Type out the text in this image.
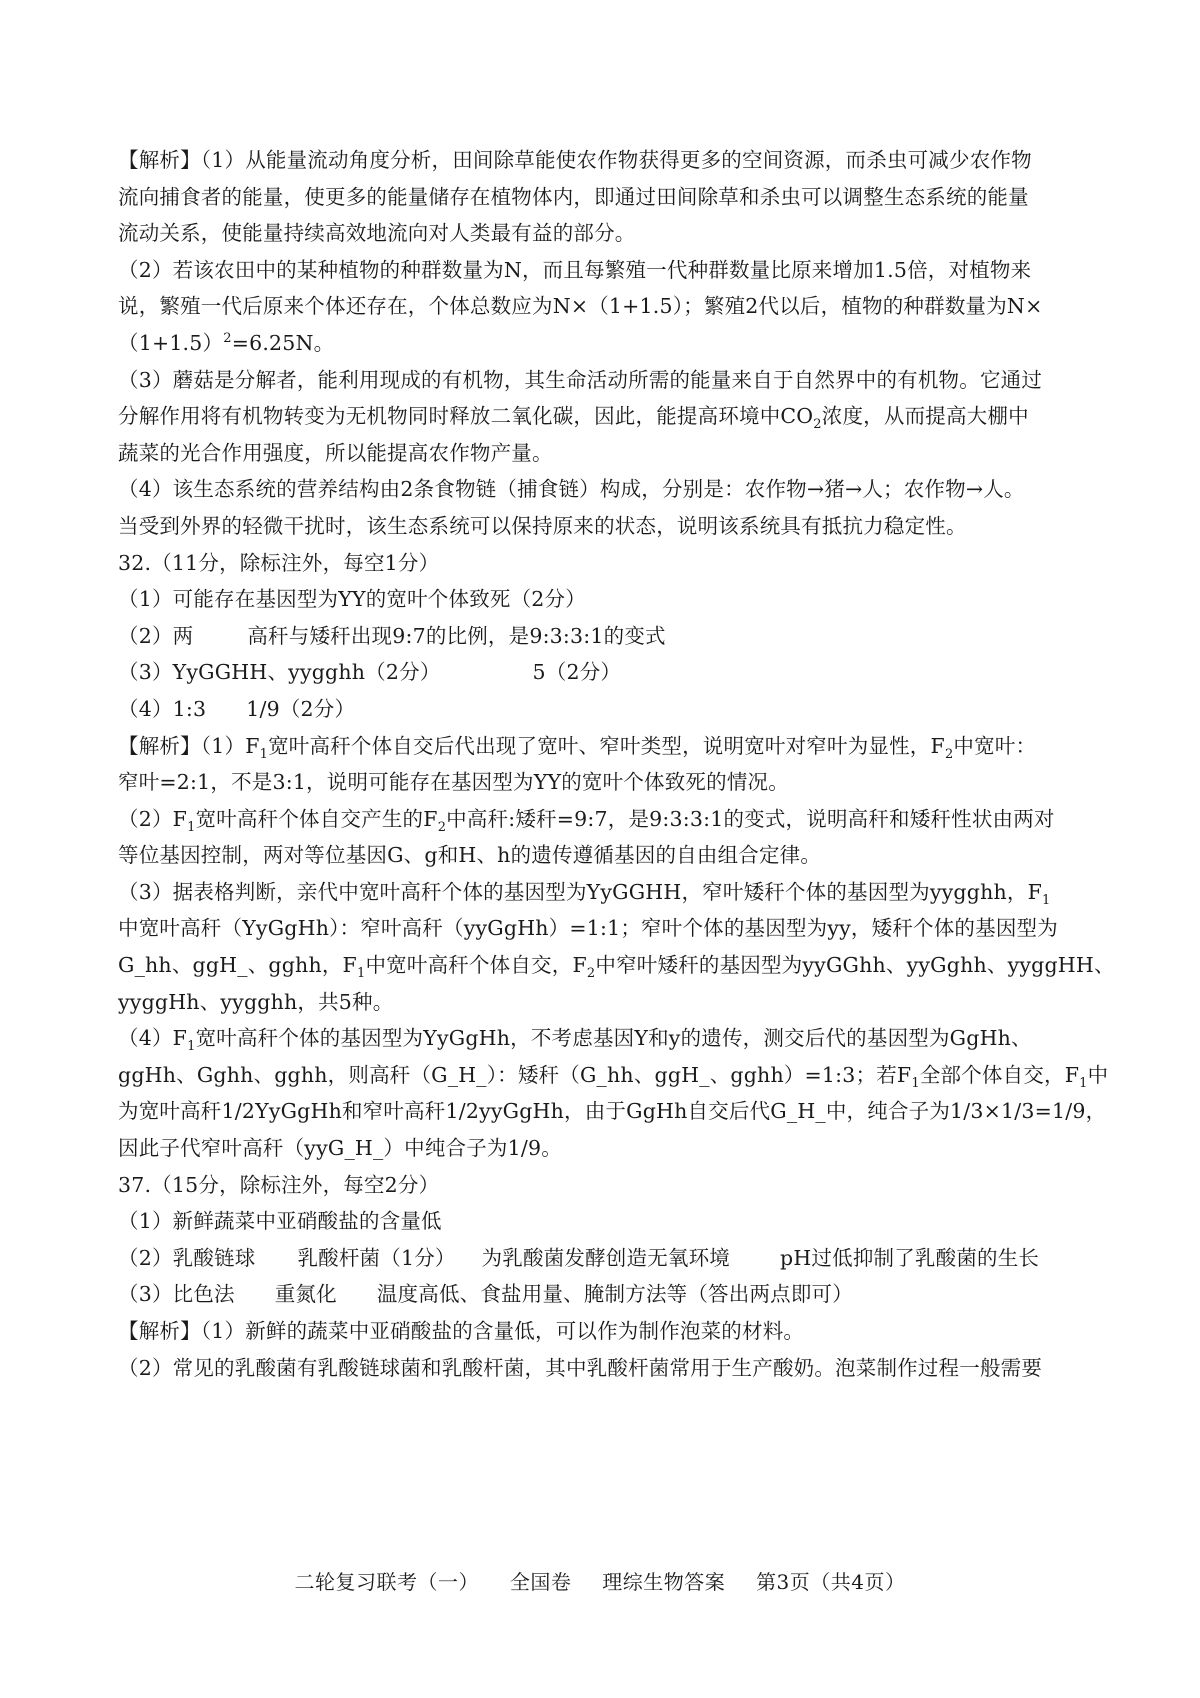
【解析】（1）从能量流动角度分析，田间除草能使农作物获得更多的空间资源，而杀虫可减少农作物
流向捕食者的能量，使更多的能量储存在植物体内，即通过田间除草和杀虫可以调整生态系统的能量
流动关系，使能量持续高效地流向对人类最有益的部分。
（2）若该农田中的某种植物的种群数量为N，而且每繁殖一代种群数量比原来增加1.5倍，对植物来
说，繁殖一代后原来个体还存在，个体总数应为N×（1+1.5）；繁殖2代以后，植物的种群数量为N×
$(1+1.5)^2=6.25N$。
（3）蘑菇是分解者，能利用现成的有机物，其生命活动所需的能量来自于自然界中的有机物。它通过
分解作用将有机物转变为无机物同时释放二氧化碳，因此，能提高环境中$CO_2$浓度，从而提高大棚中
蔬菜的光合作用强度，所以能提高农作物产量。
（4）该生态系统的营养结构由2条食物链（捕食链）构成，分别是：农作物→猪→人；农作物→人。
当受到外界的轻微干扰时，该生态系统可以保持原来的状态，说明该系统具有抵抗力稳定性。
32.（11分，除标注外，每空1分）
（1）可能存在基因型为YY的宽叶个体致死（2分）
（2）两	高秆与矮秆出现9:7的比例，是9:3:3:1的变式
（3）YyGGHH、yygghh（2分）	5（2分）
（4）1:3 1/9（2分）
【解析】$(1)F_1$宽叶高秆个体自交后代出现了宽叶、窄叶类型，说明宽叶对窄叶为显性，$F_2$中宽叶：
窄叶=2:1，不是3:1，说明可能存在基因型为YY的宽叶个体致死的情况。
$(2)F_1$宽叶高秆个体自交产生的$F_2$中高秆:矮秆=9:7，是9:3:3:1的变式，说明高秆和矮秆性状由两对
等位基因控制，两对等位基因G、g和H、h的遗传遵循基因的自由组合定律。
（3）据表格判断，亲代中宽叶高秆个体的基因型为YyGGHH，窄叶矮秆个体的基因型为yygghh，$F_1$
中宽叶高秆（YyGgHh）：窄叶高秆（yyGgHh）=1:1；窄叶个体的基因型为yy，矮秆个体的基因型为
G_hh、ggH_、gghh，$F_1$中宽叶高秆个体自交，$F_2$中窄叶矮秆的基因型为yyGGhh、yyGghh、yyggHH、
yyggHh、yygghh，共5种。
$(4)F_1$宽叶高秆个体的基因型为YyGgHh，不考虑基因Y和y的遗传，测交后代的基因型为GgHh、
ggHh、Gghh、gghh，则高秆（G_H_）：矮秆（G_hh、ggH_、gghh）=1:3；若$F_1$全部个体自交，$F_1$中
为宽叶高秆1/2YyGgHh和窄叶高秆1/2yyGgHh，由于GgHh自交后代G_H_中，纯合子为1/3×1/3=1/9，
因此子代窄叶高秆（yyG_H_）中纯合子为1/9。
37.（15分，除标注外，每空2分）
（1）新鲜蔬菜中亚硝酸盐的含量低
（2）乳酸链球 乳酸杆菌（1分） 为乳酸菌发酵创造无氧环境 pH过低抑制了乳酸菌的生长
（3）比色法 重氮化 温度高低、食盐用量、腌制方法等（答出两点即可）
【解析】（1）新鲜的蔬菜中亚硝酸盐的含量低，可以作为制作泡菜的材料。
（2）常见的乳酸菌有乳酸链球菌和乳酸杆菌，其中乳酸杆菌常用于生产酸奶。泡菜制作过程一般需要
二轮复习联考（一） 全国卷 理综生物答案 第3页（共4页）
